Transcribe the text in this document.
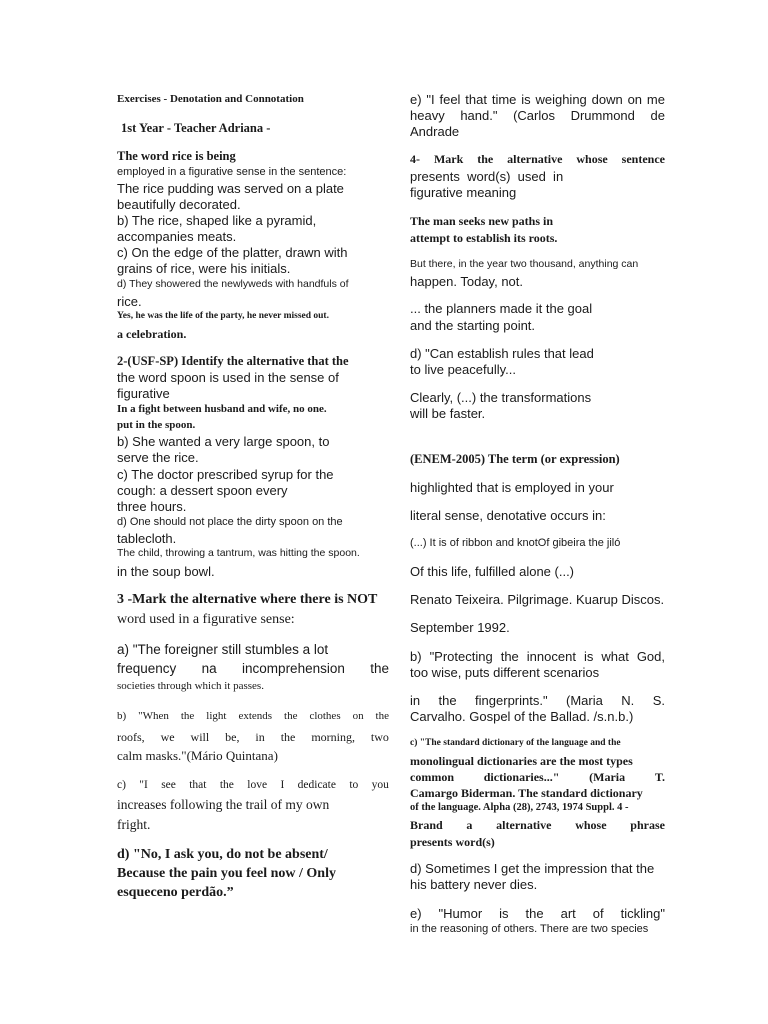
Exercises - Denotation and Connotation
1st Year - Teacher Adriana -
The word rice is being
employed in a figurative sense in the sentence:
The rice pudding was served on a plate
beautifully decorated.
b) The rice, shaped like a pyramid,
accompanies meats.
c) On the edge of the platter, drawn with
grains of rice, were his initials.
d) They showered the newlyweds with handfuls of
rice.
Yes, he was the life of the party, he never missed out.
a celebration.
2-(USF-SP) Identify the alternative that the
the word spoon is used in the sense of
figurative
In a fight between husband and wife, no one.
put in the spoon.
b) She wanted a very large spoon, to
serve the rice.
c) The doctor prescribed syrup for the
cough: a dessert spoon every
three hours.
d) One should not place the dirty spoon on the
tablecloth.
The child, throwing a tantrum, was hitting the spoon.
in the soup bowl.
3 -Mark the alternative where there is NOT
word used in a figurative sense:
a) "The foreigner still stumbles a lot
frequency na incomprehension the
societies through which it passes.
b) "When the light extends the clothes on the
roofs, we will be, in the morning, two
calm masks."(Mário Quintana)
c) "I see that the love I dedicate to you
increases following the trail of my own
fright.
d) "No, I ask you, do not be absent/
Because the pain you feel now / Only
esqueceno perdão.”
e) "I feel that time is weighing down on me
heavy hand." (Carlos Drummond de
Andrade
4- Mark the alternative whose sentence
presents  word(s)  used  in
figurative meaning
The man seeks new paths in
attempt to establish its roots.
But there, in the year two thousand, anything can
happen. Today, not.
... the planners made it the goal
and the starting point.
d) "Can establish rules that lead
to live peacefully...
Clearly, (...) the transformations
will be faster.
(ENEM-2005) The term (or expression)
highlighted that is employed in your
literal sense, denotative occurs in:
(...) It is of ribbon and knotOf gibeira the jiló
Of this life, fulfilled alone (...)
Renato Teixeira. Pilgrimage. Kuarup Discos.
September 1992.
b) "Protecting the innocent is what God,
too wise, puts different scenarios
in the fingerprints." (Maria N. S.
Carvalho. Gospel of the Ballad. /s.n.b.)
c) "The standard dictionary of the language and the
monolingual dictionaries are the most types
common dictionaries..." (Maria T.
Camargo Biderman. The standard dictionary
of the language. Alpha (28), 2743, 1974 Suppl. 4 -
Brand a alternative whose phrase
presents word(s)
d) Sometimes I get the impression that the
his battery never dies.
e) "Humor is the art of tickling"
in the reasoning of others. There are two species
